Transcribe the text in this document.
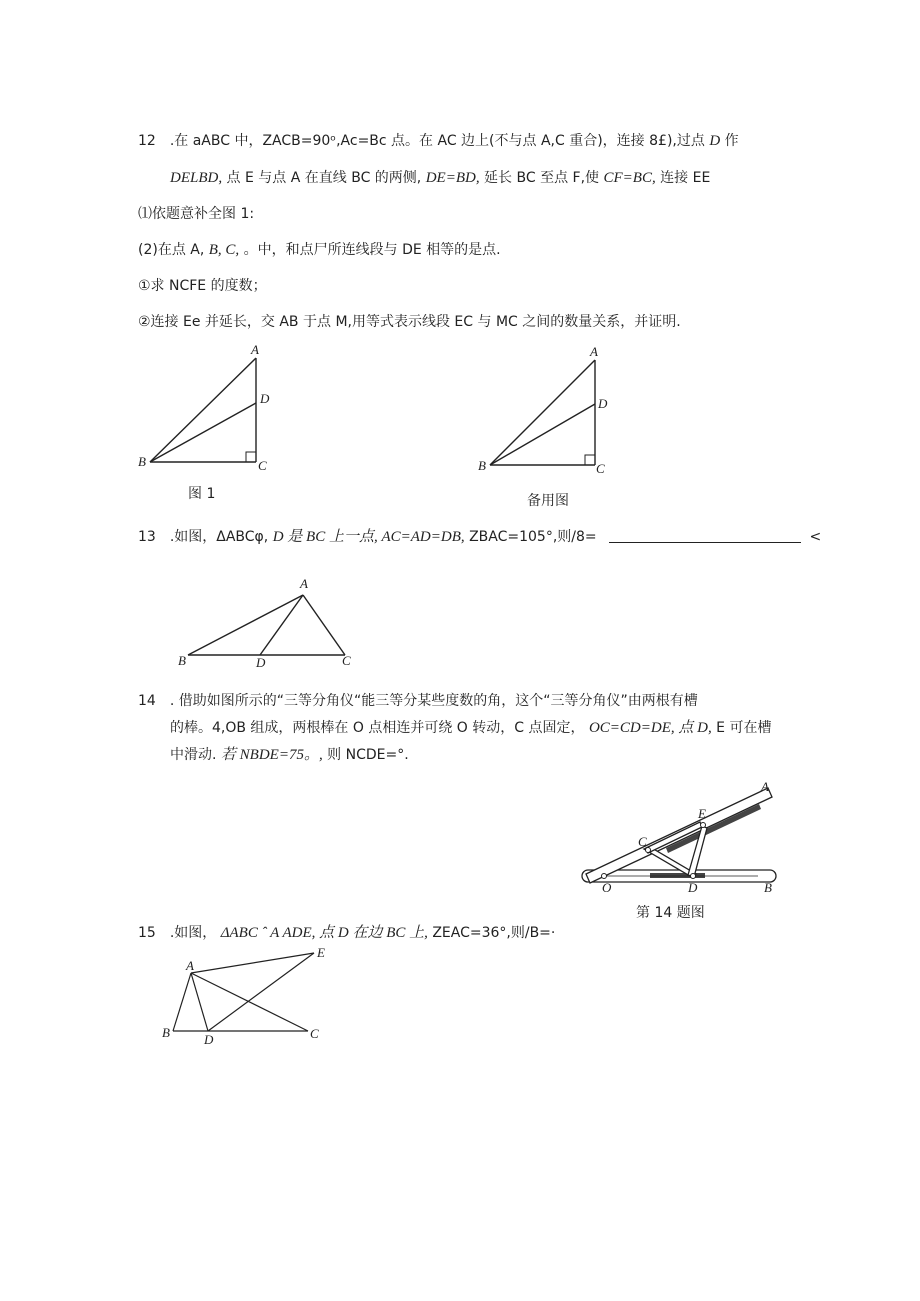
12　.在 aABC 中，ZACB=90ᵒ,Ac=Bc 点。在 AC 边上(不与点 A,C 重合)，连接 8£),过点 D 作
DELBD, 点 E 与点 A 在直线 BC 的两侧, DE=BD, 延长 BC 至点 F,使 CF=BC, 连接 EE
⑴依题意补全图 1:
(2)在点 A, B, C, 。中，和点尸所连线段与 DE 相等的是点.
①求 NCFE 的度数；
②连接 Ee 并延长，交 AB 于点 M,用等式表示线段 EC 与 MC 之间的数量关系，并证明.
A
D
B	C
图 1
A
D
B	C
备用图
13　.如图，ΔABCφ, D 是 BC 上一点, AC=AD=DB, ZBAC=105°,则/8=	<
A
B	D	C
14　. 借助如图所示的“三等分角仪“能三等分某些度数的角，这个“三等分角仪”由两根有槽
的棒。4,OB 组成，两根棒在 O 点相连并可绕 O 转动，C 点固定， OC=CD=DE, 点 D, E 可在槽
中滑动. 若 NBDE=75。, 则 NCDE=°.
A
E
C
O	D	B
第 14 题图
15　.如图， ΔABC ˆ A ADE, 点 D 在边 BC 上, ZEAC=36°,则/B=·
A
E
B	D	C
